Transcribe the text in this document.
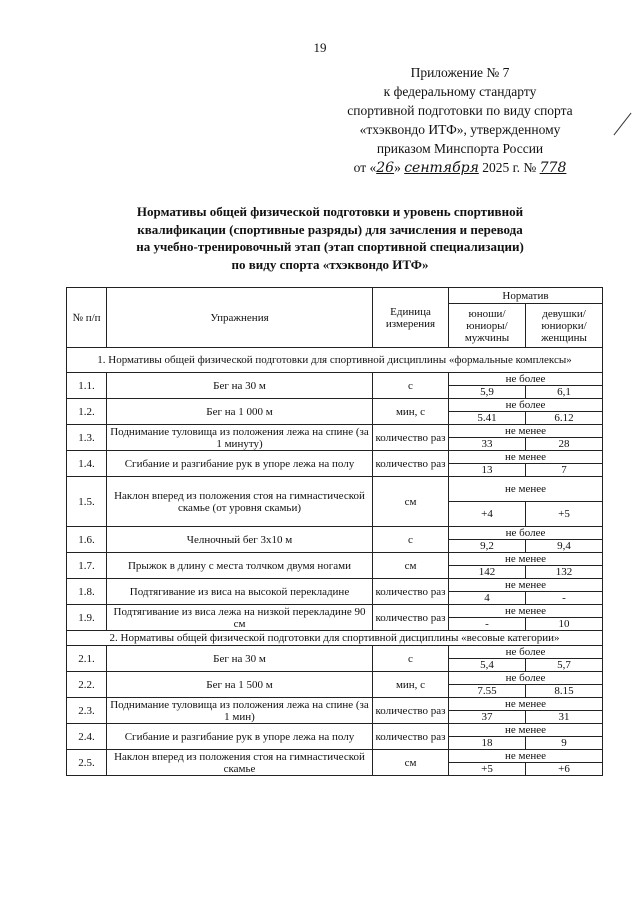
19
Приложение № 7
к федеральному стандарту
спортивной подготовки по виду спорта
«тхэквондо ИТФ», утвержденному
приказом Минспорта России
от «26» сентября 2025 г. № 778
Нормативы общей физической подготовки и уровень спортивной
квалификации (спортивные разряды) для зачисления и перевода
на учебно-тренировочный этап (этап спортивной специализации)
по виду спорта «тхэквондо ИТФ»
№ п/п	Упражнения	Единица измерения	Норматив	
			юноши/ юниоры/ мужчины	девушки/ юниорки/ женщины
1. Нормативы общей физической подготовки для спортивной дисциплины «формальные комплексы»				
1.1.	Бег на 30 м	с	не более	
			5,9	6,1
1.2.	Бег на 1 000 м	мин, с	не более	
			5.41	6.12
1.3.	Поднимание туловища из положения лежа на спине (за 1 минуту)	количество раз	не менее	
			33	28
1.4.	Сгибание и разгибание рук в упоре лежа на полу	количество раз	не менее	
			13	7
1.5.	Наклон вперед из положения стоя на гимнастической скамье (от уровня скамьи)	см	не менее	
			+4	+5
1.6.	Челночный бег 3x10 м	с	не более	
			9,2	9,4
1.7.	Прыжок в длину с места толчком двумя ногами	см	не менее	
			142	132
1.8.	Подтягивание из виса на высокой перекладине	количество раз	не менее	
			4	-
1.9.	Подтягивание из виса лежа на низкой перекладине 90 см	количество раз	не менее	
			-	10
2. Нормативы общей физической подготовки для спортивной дисциплины «весовые категории»				
2.1.	Бег на 30 м	с	не более	
			5,4	5,7
2.2.	Бег на 1 500 м	мин, с	не более	
			7.55	8.15
2.3.	Поднимание туловища из положения лежа на спине (за 1 мин)	количество раз	не менее	
			37	31
2.4.	Сгибание и разгибание рук в упоре лежа на полу	количество раз	не менее	
			18	9
2.5.	Наклон вперед из положения стоя на гимнастической скамье	см	не менее	
			+5	+6
